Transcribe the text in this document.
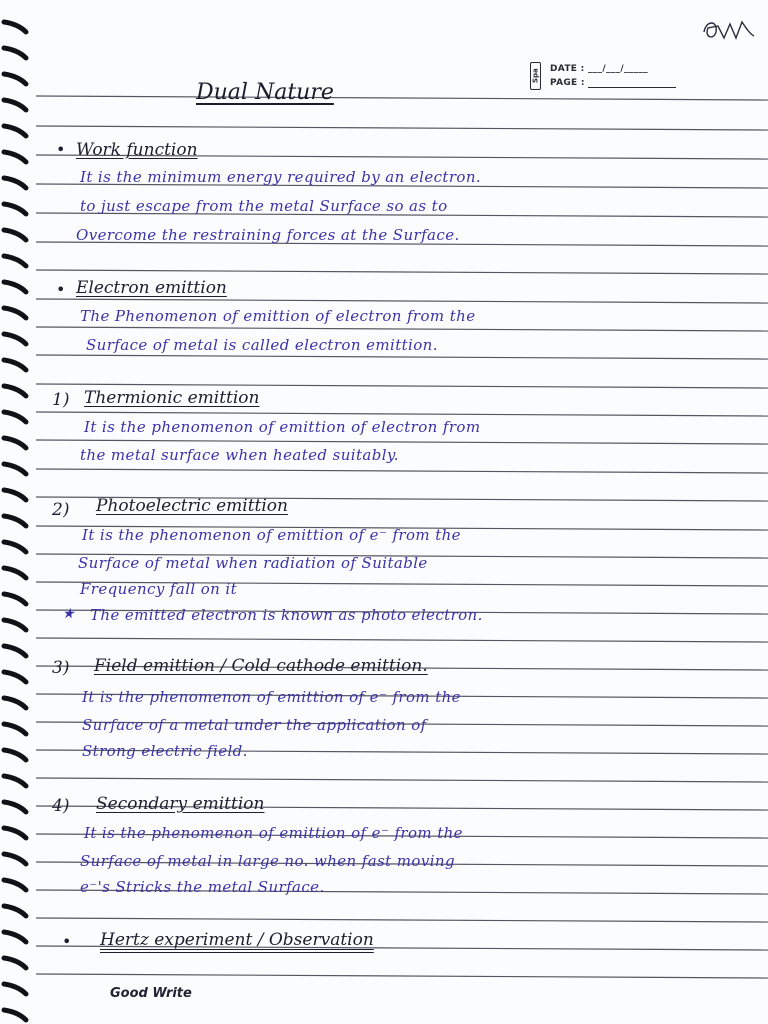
Spa DATE : ___/___/_____
PAGE :
Dual Nature
• Work function
It is the minimum energy required by an electron.
to just escape from the metal Surface so as to
Overcome the restraining forces at the Surface.
• Electron emittion
The Phenomenon of emittion of electron from the
Surface of metal is called electron emittion.
1) Thermionic emittion
It is the phenomenon of emittion of electron from
the metal surface when heated suitably.
2) Photoelectric emittion
It is the phenomenon of emittion of e⁻ from the
Surface of metal when radiation of Suitable
Frequency fall on it
★ The emitted electron is known as photo electron.
3) Field emittion / Cold cathode emittion.
It is the phenomenon of emittion of e⁻ from the
Surface of a metal under the application of
Strong electric field.
4) Secondary emittion
It is the phenomenon of emittion of e⁻ from the
Surface of metal in large no. when fast moving
e⁻'s Stricks the metal Surface.
• Hertz experiment / Observation
Good Write
